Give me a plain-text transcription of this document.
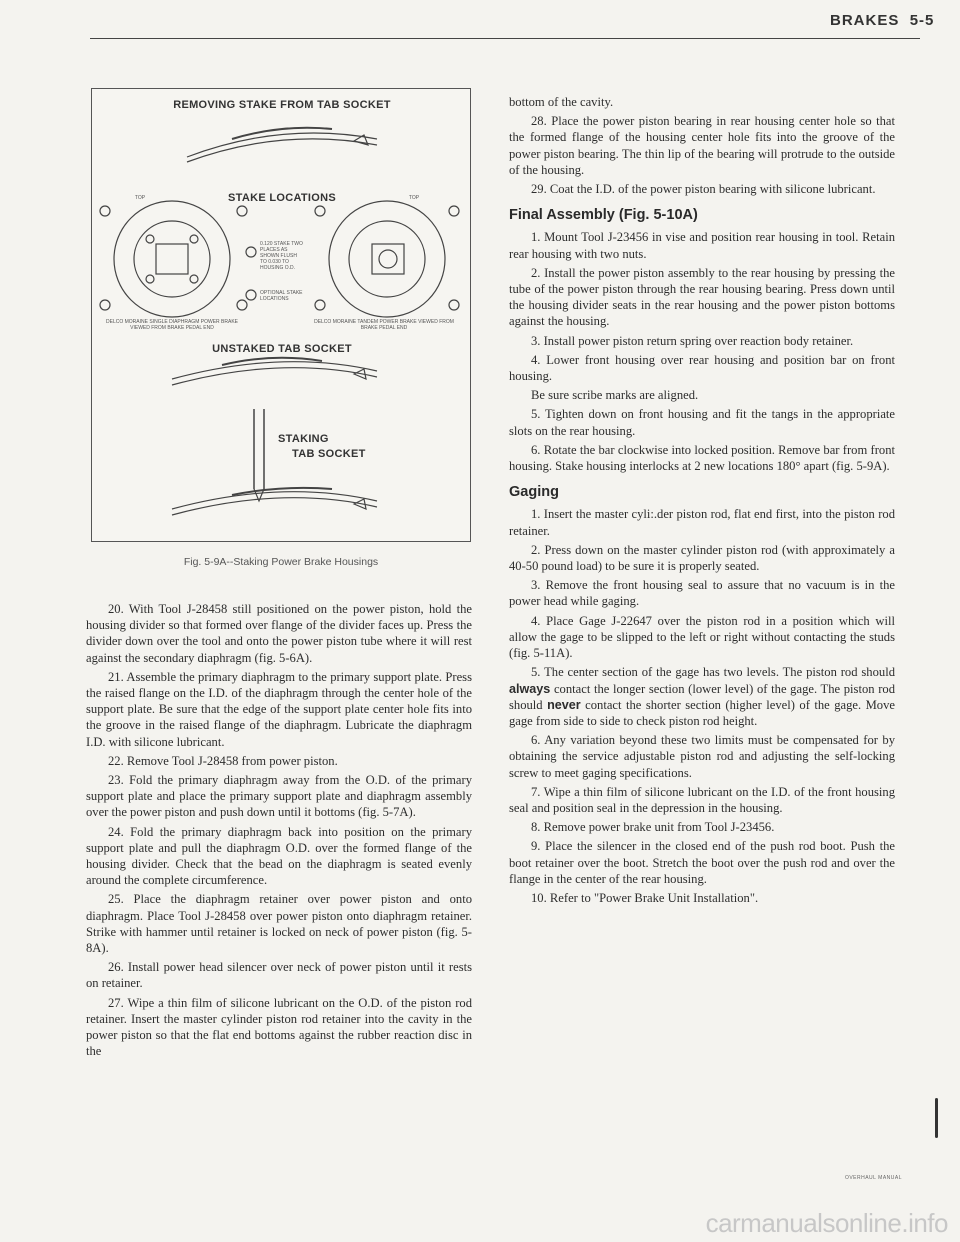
BRAKES 5-5
REMOVING STAKE FROM TAB SOCKET
STAKE LOCATIONS
TOP	TOP
0.120 STAKE TWO PLACES AS SHOWN FLUSH TO 0.030 TO HOUSING O.D.
OPTIONAL STAKE LOCATIONS
DELCO MORAINE SINGLE DIAPHRAGM POWER BRAKE VIEWED FROM BRAKE PEDAL END
DELCO MORAINE TANDEM POWER BRAKE VIEWED FROM BRAKE PEDAL END
UNSTAKED TAB SOCKET
STAKING
TAB SOCKET
Fig. 5-9A--Staking Power Brake Housings

20. With Tool J-28458 still positioned on the power piston, hold the housing divider so that formed over flange of the divider faces up. Press the divider down over the tool and onto the power piston tube where it will rest against the secondary diaphragm (fig. 5-6A).

21. Assemble the primary diaphragm to the primary support plate. Press the raised flange on the I.D. of the diaphragm through the center hole of the support plate. Be sure that the edge of the support plate center hole fits into the groove in the raised flange of the diaphragm. Lubricate the diaphragm I.D. with silicone lubricant.

22. Remove Tool J-28458 from power piston.

23. Fold the primary diaphragm away from the O.D. of the primary support plate and place the primary support plate and diaphragm assembly over the power piston and push down until it bottoms (fig. 5-7A).

24. Fold the primary diaphragm back into position on the primary support plate and pull the diaphragm O.D. over the formed flange of the housing divider. Check that the bead on the diaphragm is seated evenly around the complete circumference.

25. Place the diaphragm retainer over power piston and onto diaphragm. Place Tool J-28458 over power piston onto diaphragm retainer. Strike with hammer until retainer is locked on neck of power piston (fig. 5-8A).

26. Install power head silencer over neck of power piston until it rests on retainer.

27. Wipe a thin film of silicone lubricant on the O.D. of the piston rod retainer. Insert the master cylinder piston rod retainer into the cavity in the power piston so that the flat end bottoms against the rubber reaction disc in the

bottom of the cavity.

28. Place the power piston bearing in rear housing center hole so that the formed flange of the housing center hole fits into the groove of the power piston bearing. The thin lip of the bearing will protrude to the outside of the housing.

29. Coat the I.D. of the power piston bearing with silicone lubricant.

Final Assembly (Fig. 5-10A)

1. Mount Tool J-23456 in vise and position rear housing in tool. Retain rear housing with two nuts.

2. Install the power piston assembly to the rear housing by pressing the tube of the power piston through the rear housing bearing. Press down until the housing divider seats in the rear housing and the power piston bottoms against the housing.

3. Install power piston return spring over reaction body retainer.

4. Lower front housing over rear housing and position bar on front housing.

Be sure scribe marks are aligned.

5. Tighten down on front housing and fit the tangs in the appropriate slots on the rear housing.

6. Rotate the bar clockwise into locked position. Remove bar from front housing. Stake housing interlocks at 2 new locations 180° apart (fig. 5-9A).

Gaging

1. Insert the master cyli:.der piston rod, flat end first, into the piston rod retainer.

2. Press down on the master cylinder piston rod (with approximately a 40-50 pound load) to be sure it is properly seated.

3. Remove the front housing seal to assure that no vacuum is in the power head while gaging.

4. Place Gage J-22647 over the piston rod in a position which will allow the gage to be slipped to the left or right without contacting the studs (fig. 5-11A).

5. The center section of the gage has two levels. The piston rod should always contact the longer section (lower level) of the gage. The piston rod should never contact the shorter section (higher level) of the gage. Move gage from side to side to check piston rod height.

6. Any variation beyond these two limits must be compensated for by obtaining the service adjustable piston rod and adjusting the self-locking screw to meet gaging specifications.

7. Wipe a thin film of silicone lubricant on the I.D. of the front housing seal and position seal in the depression in the housing.

8. Remove power brake unit from Tool J-23456.

9. Place the silencer in the closed end of the push rod boot. Push the boot retainer over the boot. Stretch the boot over the push rod and over the flange in the center of the rear housing.

10. Refer to "Power Brake Unit Installation".

OVERHAUL MANUAL
carmanualsonline.info
